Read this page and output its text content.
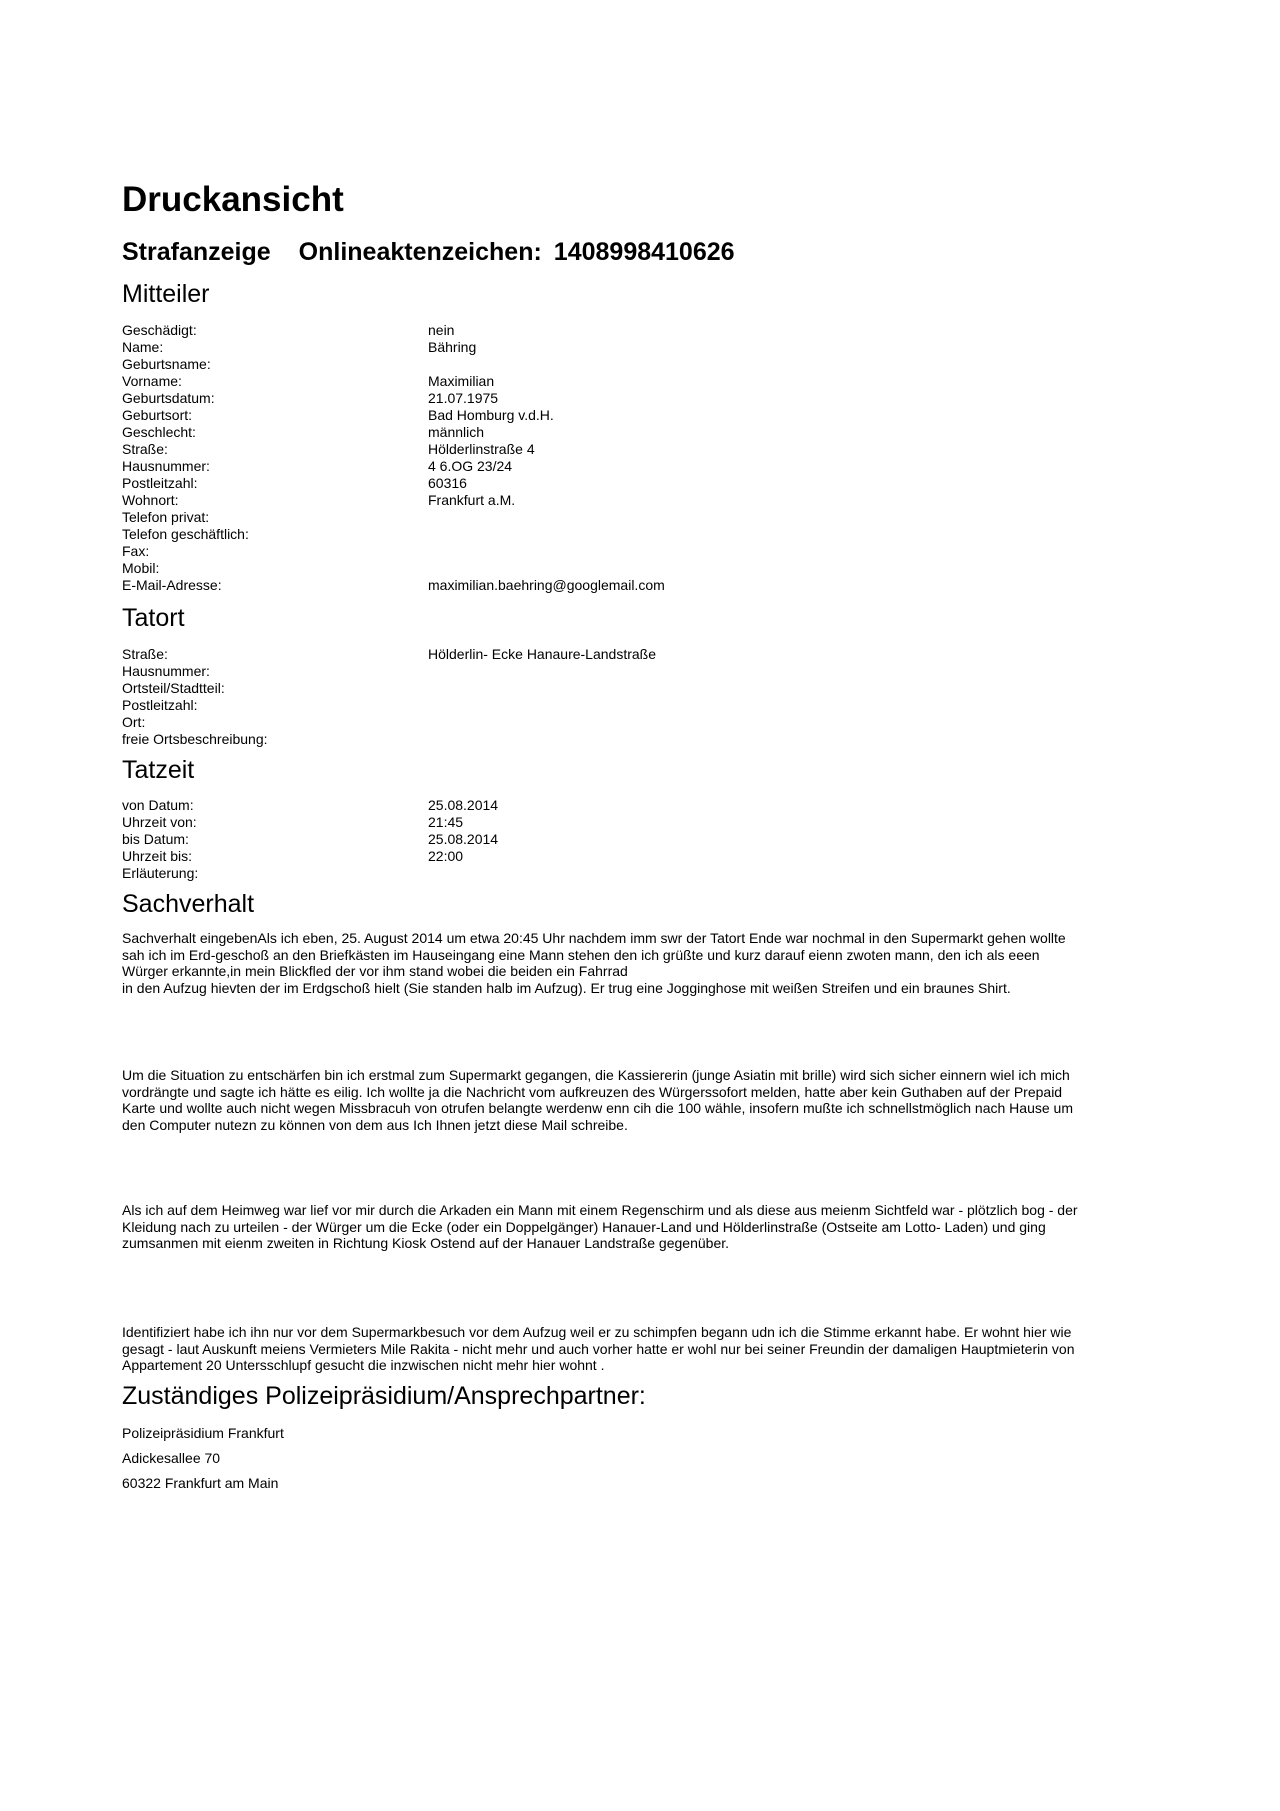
Druckansicht
Strafanzeige Onlineaktenzeichen: 1408998410626
Mitteiler
Geschädigt:	nein
Name:	Bähring
Geburtsname:
Vorname:	Maximilian
Geburtsdatum:	21.07.1975
Geburtsort:	Bad Homburg v.d.H.
Geschlecht:	männlich
Straße:	Hölderlinstraße 4
Hausnummer:	4 6.OG 23/24
Postleitzahl:	60316
Wohnort:	Frankfurt a.M.
Telefon privat:
Telefon geschäftlich:
Fax:
Mobil:
E-Mail-Adresse:	maximilian.baehring@googlemail.com
Tatort
Straße:	Hölderlin- Ecke Hanaure-Landstraße
Hausnummer:
Ortsteil/Stadtteil:
Postleitzahl:
Ort:
freie Ortsbeschreibung:
Tatzeit
von Datum:	25.08.2014
Uhrzeit von:	21:45
bis Datum:	25.08.2014
Uhrzeit bis:	22:00
Erläuterung:
Sachverhalt

Sachverhalt eingebenAls ich eben, 25. August 2014 um etwa 20:45 Uhr nachdem imm swr der Tatort Ende war nochmal in den Supermarkt gehen wollte
sah ich im Erd-geschoß an den Briefkästen im Hauseingang eine Mann stehen den ich grüßte und kurz darauf eienn zwoten mann, den ich als eeen
Würger erkannte,in mein Blickfled der vor ihm stand wobei die beiden ein Fahrrad
in den Aufzug hievten der im Erdgschoß hielt (Sie standen halb im Aufzug). Er trug eine Jogginghose mit weißen Streifen und ein braunes Shirt.

Um die Situation zu entschärfen bin ich erstmal zum Supermarkt gegangen, die Kassiererin (junge Asiatin mit brille) wird sich sicher einnern wiel ich mich
vordrängte und sagte ich hätte es eilig. Ich wollte ja die Nachricht vom aufkreuzen des Würgerssofort melden, hatte aber kein Guthaben auf der Prepaid
Karte und wollte auch nicht wegen Missbracuh von otrufen belangte werdenw enn cih die 100 wähle, insofern mußte ich schnellstmöglich nach Hause um
den Computer nutezn zu können von dem aus Ich Ihnen jetzt diese Mail schreibe.

Als ich auf dem Heimweg war lief vor mir durch die Arkaden ein Mann mit einem Regenschirm und als diese aus meienm Sichtfeld war - plötzlich bog - der
Kleidung nach zu urteilen - der Würger um die Ecke (oder ein Doppelgänger) Hanauer-Land und Hölderlinstraße (Ostseite am Lotto- Laden) und ging
zumsanmen mit eienm zweiten in Richtung Kiosk Ostend auf der Hanauer Landstraße gegenüber.

Identifiziert habe ich ihn nur vor dem Supermarkbesuch vor dem Aufzug weil er zu schimpfen begann udn ich die Stimme erkannt habe. Er wohnt hier wie
gesagt - laut Auskunft meiens Vermieters Mile Rakita - nicht mehr und auch vorher hatte er wohl nur bei seiner Freundin der damaligen Hauptmieterin von
Appartement 20 Untersschlupf gesucht die inzwischen nicht mehr hier wohnt .

Zuständiges Polizeipräsidium/Ansprechpartner:

Polizeipräsidium Frankfurt

Adickesallee 70

60322 Frankfurt am Main
